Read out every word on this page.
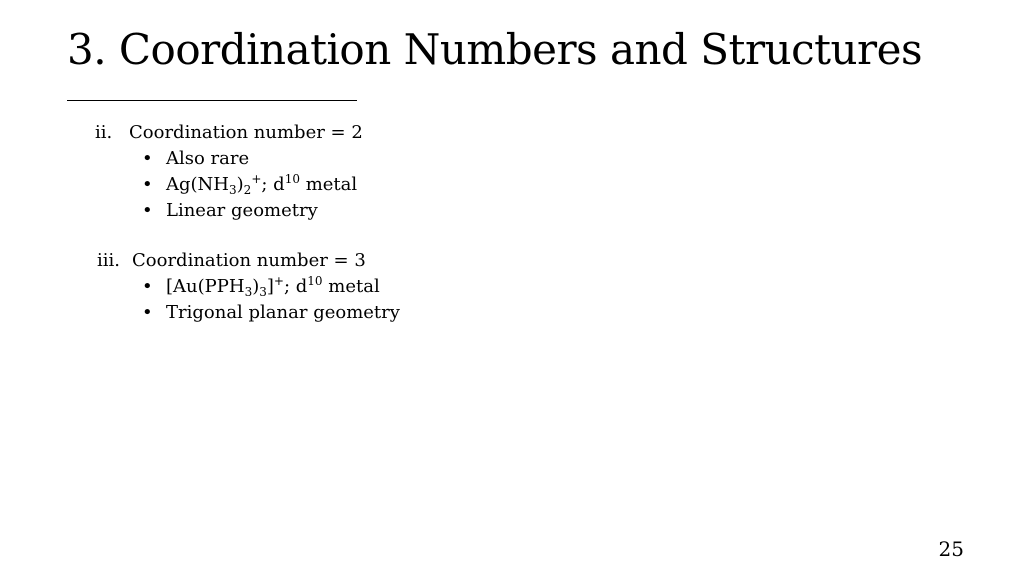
3. Coordination Numbers and Structures
ii. Coordination number = 2
• Also rare
• $Ag(NH_3)_2^+$; $d^{10}$ metal
• Linear geometry
iii. Coordination number = 3
• $[Au(PPH_3)_3]^+$; $d^{10}$ metal
• Trigonal planar geometry
25
